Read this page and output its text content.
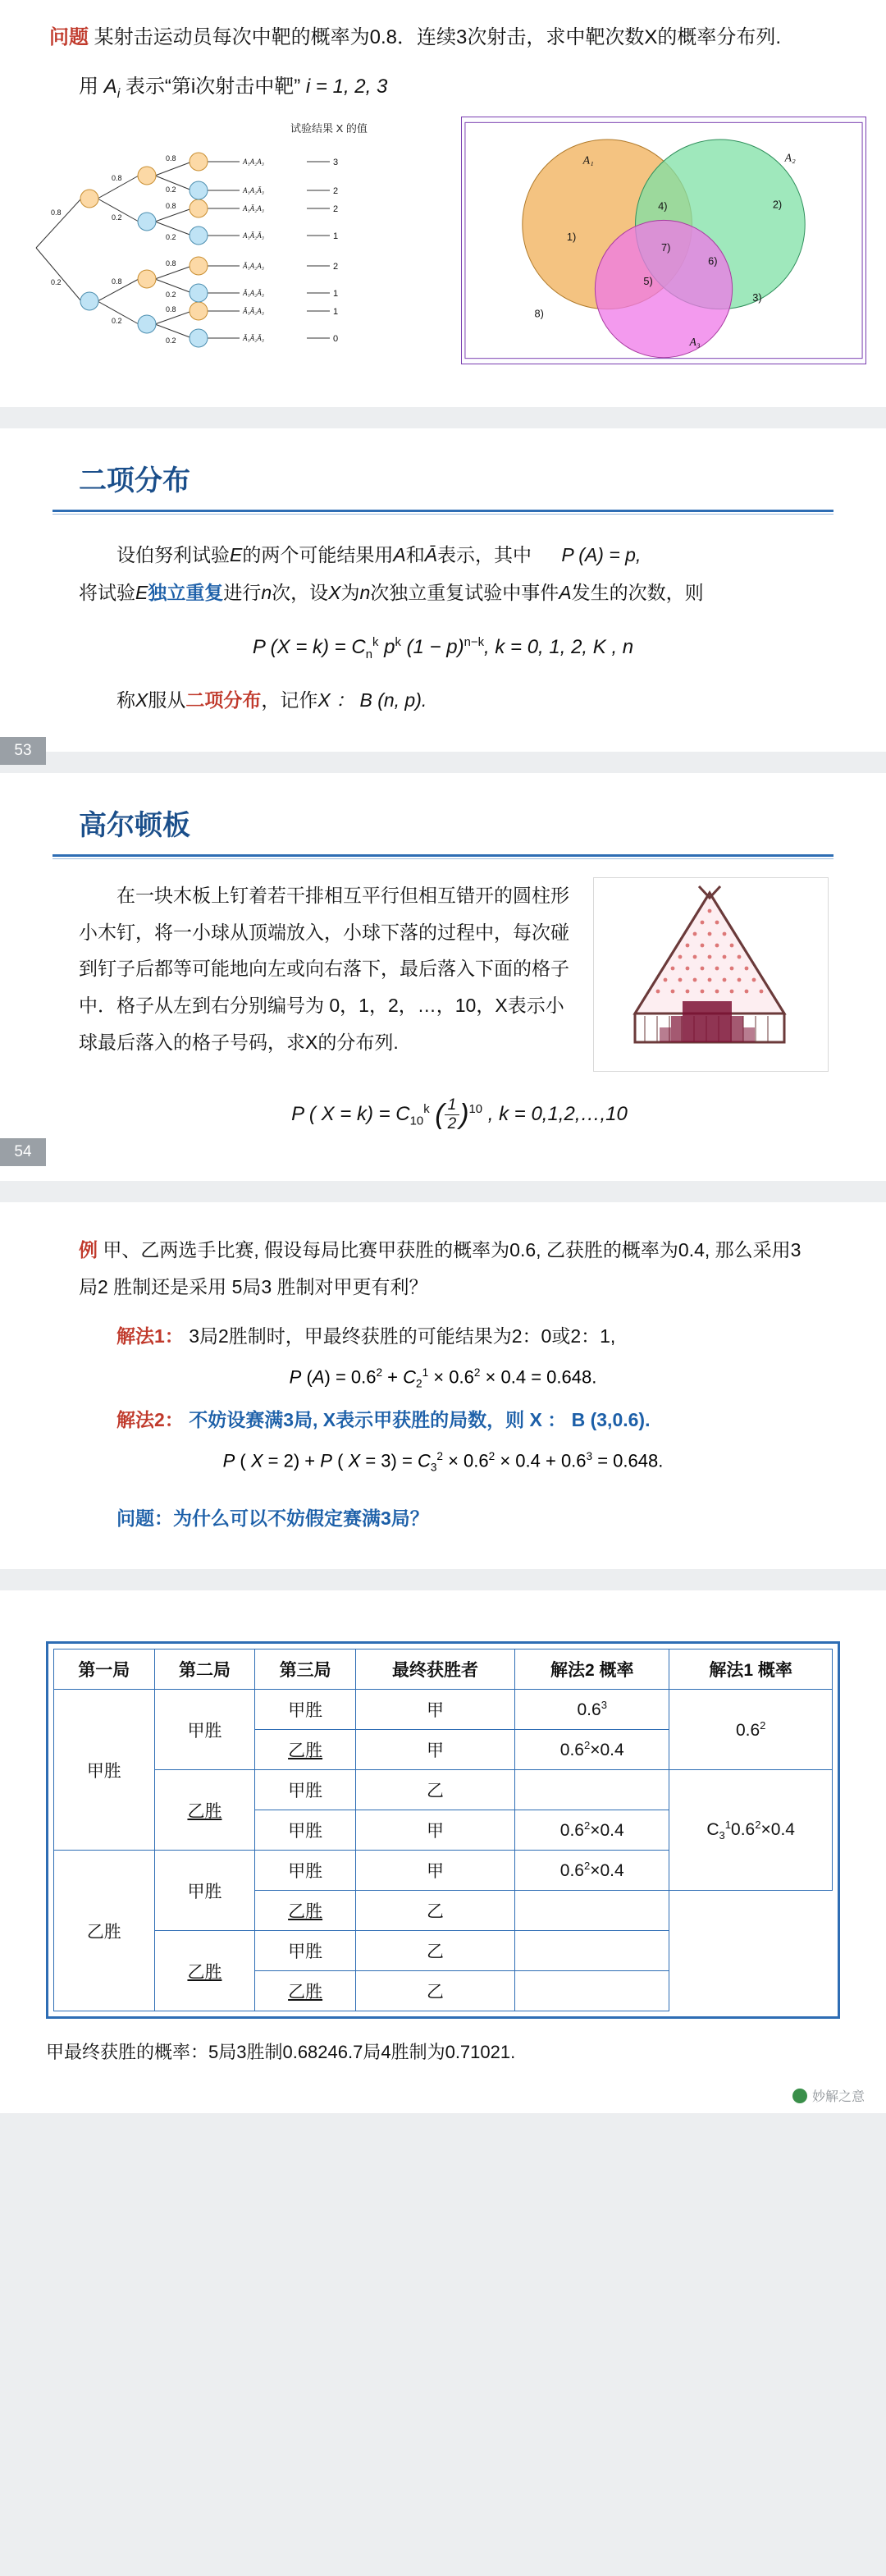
问题 某射击运动员每次中靶的概率为0.8．连续3次射击，求中靶次数X的概率分布列.
用 $A_i$ 表示“第i次射击中靶” i = 1, 2, 3
试验结果 X 的值
0.8
0.2
0.8
0.2
0.8
0.2
0.8
0.2
0.8
0.2
0.8
0.2
0.8
0.2
A₁A₂A₃
A₁A₂Ā₃
A₁Ā₂A₃
A₁Ā₂Ā₃
Ā₁A₂A₃
Ā₁A₂Ā₃
Ā₁Ā₂A₃
Ā₁Ā₂Ā₃
3
2
2
1
2
1
1
0
A₁	A₂
A₃
1)
2)
3)
4)
5)
6)
7)
8)
二项分布
设伯努利试验E的两个可能结果用A和Ā表示，其中 P (A) = p,
将试验E独立重复进行n次，设X为n次独立重复试验中事件A发生的次数，则
P $(X = k) = C_n^k$ $p^k$ $(1 - p)^{n-k}$, k = 0, 1, 2, K , n
称X服从二项分布，记作X ： B (n, p).
53
高尔顿板
在一块木板上钉着若干排相互平行但相互错开的圆柱形小木钉，将一小球从顶端放入，小球下落的过程中，每次碰到钉子后都等可能地向左或向右落下，最后落入下面的格子中．格子从左到右分别编号为 0，1，2，…，10，X表示小球最后落入的格子号码，求X的分布列.
P ( $X = k) = C_{10}^k$ ( $\frac{1}{2} )^{10}$ , k = 0,1,2,…,10
54
例 甲、乙两选手比赛, 假设每局比赛甲获胜的概率为0.6, 乙获胜的概率为0.4, 那么采用3 局2 胜制还是采用 5局3 胜制对甲更有利？
解法1： 3局2胜制时，甲最终获胜的可能结果为2：0或2：1,
P $(A) = 0.6^2 + C_2^1 \times 0.6^2 \times 0.4 = 0.648$.
解法2： 不妨设赛满3局, X表示甲获胜的局数，则 X ： B (3,0.6).
P ( X = 2) + P ( $X = 3) = C_3^2 \times 0.6^2 \times 0.4 + 0.6^3 = 0.648$.
问题：为什么可以不妨假定赛满3局？
第一局	第二局	第三局	最终获胜者	解法2 概率	解法1 概率
甲胜	甲胜	甲胜	甲	$0.6^3$	$0.6^2$
		乙胜	甲	$0.6^2\times 0.4$	
	乙胜	甲胜	乙		$C_3^10.6^2\times 0.4$
		甲胜	甲	$0.6^2\times 0.4$	
乙胜	甲胜	甲胜	甲	$0.6^2\times 0.4$	
		乙胜	乙		
	乙胜	甲胜	乙		
		乙胜	乙		
甲最终获胜的概率：5局3胜制0.68246.7局4胜制为0.71021.
妙解之意
